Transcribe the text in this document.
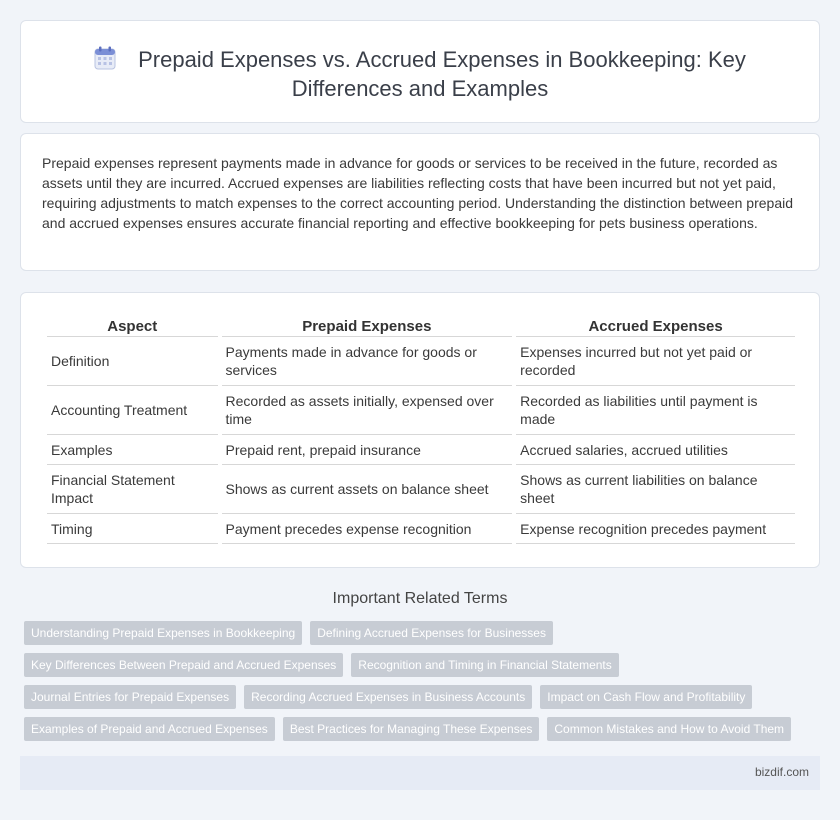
Prepaid Expenses vs. Accrued Expenses in Bookkeeping: Key
Differences and Examples

Prepaid expenses represent payments made in advance for goods or services to be received in the future, recorded as assets until they are incurred. Accrued expenses are liabilities reflecting costs that have been incurred but not yet paid, requiring adjustments to match expenses to the correct accounting period. Understanding the distinction between prepaid and accrued expenses ensures accurate financial reporting and effective bookkeeping for pets business operations.

Aspect	Prepaid Expenses	Accrued Expenses
Definition	Payments made in advance for goods or services	Expenses incurred but not yet paid or recorded
Accounting Treatment	Recorded as assets initially, expensed over time	Recorded as liabilities until payment is made
Examples	Prepaid rent, prepaid insurance	Accrued salaries, accrued utilities
Financial Statement Impact	Shows as current assets on balance sheet	Shows as current liabilities on balance sheet
Timing	Payment precedes expense recognition	Expense recognition precedes payment
Important Related Terms
Understanding Prepaid Expenses in Bookkeeping	Defining Accrued Expenses for Businesses
Key Differences Between Prepaid and Accrued Expenses	Recognition and Timing in Financial Statements
Journal Entries for Prepaid Expenses	Recording Accrued Expenses in Business Accounts	Impact on Cash Flow and Profitability
Examples of Prepaid and Accrued Expenses	Best Practices for Managing These Expenses	Common Mistakes and How to Avoid Them
bizdif.com
